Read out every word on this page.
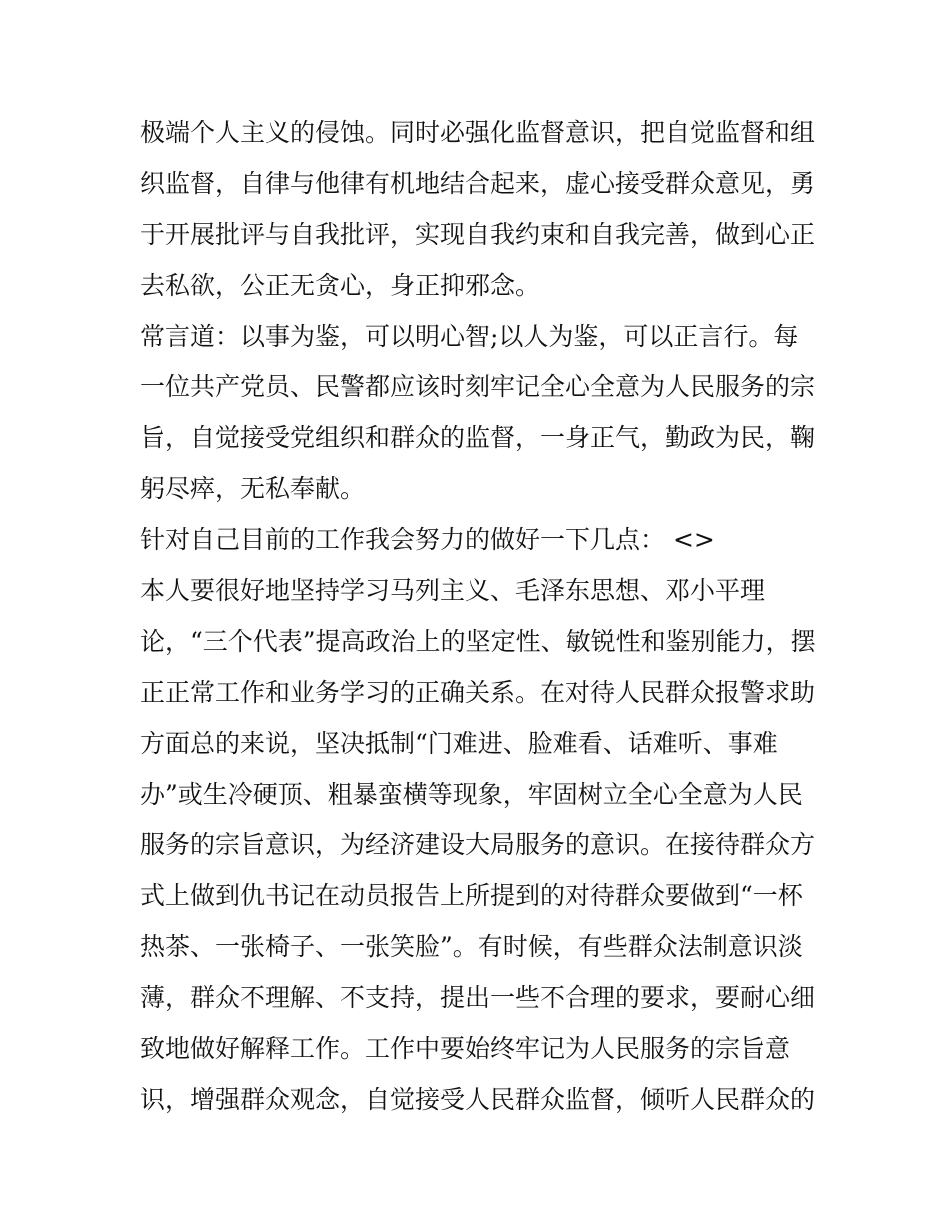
极端个人主义的侵蚀。同时必强化监督意识，把自觉监督和组
织监督，自律与他律有机地结合起来，虚心接受群众意见，勇
于开展批评与自我批评，实现自我约束和自我完善，做到心正
去私欲，公正无贪心，身正抑邪念。
常言道：以事为鉴，可以明心智;以人为鉴，可以正言行。每
一位共产党员、民警都应该时刻牢记全心全意为人民服务的宗
旨，自觉接受党组织和群众的监督，一身正气，勤政为民，鞠
躬尽瘁，无私奉献。
针对自己目前的工作我会努力的做好一下几点： <>
本人要很好地坚持学习马列主义、毛泽东思想、邓小平理
论，“三个代表”提高政治上的坚定性、敏锐性和鉴别能力，摆
正正常工作和业务学习的正确关系。在对待人民群众报警求助
方面总的来说，坚决抵制“门难进、脸难看、话难听、事难
办”或生冷硬顶、粗暴蛮横等现象，牢固树立全心全意为人民
服务的宗旨意识，为经济建设大局服务的意识。在接待群众方
式上做到仇书记在动员报告上所提到的对待群众要做到“一杯
热茶、一张椅子、一张笑脸”。有时候，有些群众法制意识淡
薄，群众不理解、不支持，提出一些不合理的要求，要耐心细
致地做好解释工作。工作中要始终牢记为人民服务的宗旨意
识，增强群众观念，自觉接受人民群众监督，倾听人民群众的
